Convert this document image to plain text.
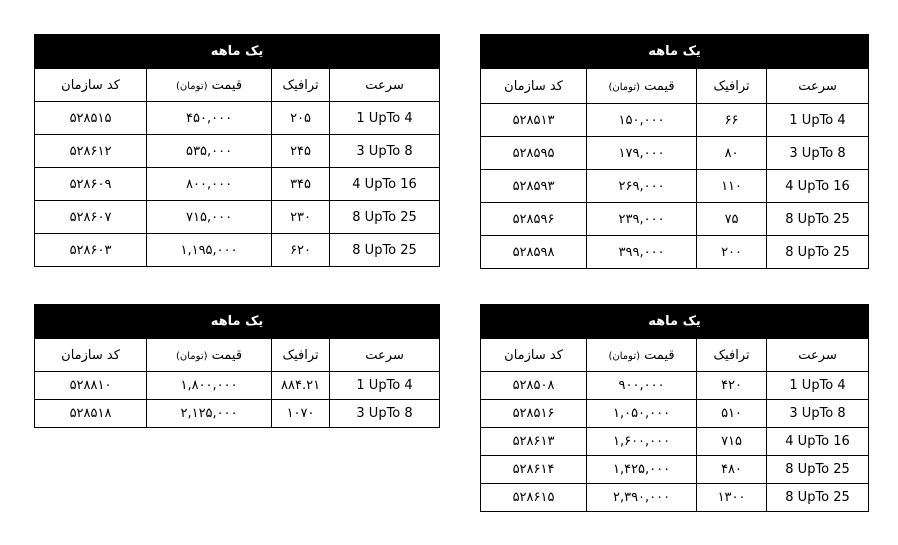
یک ماهه			
سرعت	ترافیک	قیمت (تومان)	کد سازمان
1 UpTo 4	۲۰۵	۴۵۰,۰۰۰	۵۲۸۵۱۵
3 UpTo 8	۲۴۵	۵۳۵,۰۰۰	۵۲۸۶۱۲
4 UpTo 16	۳۴۵	۸۰۰,۰۰۰	۵۲۸۶۰۹
8 UpTo 25	۲۳۰	۷۱۵,۰۰۰	۵۲۸۶۰۷
8 UpTo 25	۶۲۰	۱,۱۹۵,۰۰۰	۵۲۸۶۰۳
یک ماهه			
سرعت	ترافیک	قیمت (تومان)	کد سازمان
1 UpTo 4	۶۶	۱۵۰,۰۰۰	۵۲۸۵۱۳
3 UpTo 8	۸۰	۱۷۹,۰۰۰	۵۲۸۵۹۵
4 UpTo 16	۱۱۰	۲۶۹,۰۰۰	۵۲۸۵۹۳
8 UpTo 25	۷۵	۲۳۹,۰۰۰	۵۲۸۵۹۶
8 UpTo 25	۲۰۰	۳۹۹,۰۰۰	۵۲۸۵۹۸
یک ماهه			
سرعت	ترافیک	قیمت (تومان)	کد سازمان
1 UpTo 4	۸۸۴.۲۱	۱,۸۰۰,۰۰۰	۵۲۸۸۱۰
3 UpTo 8	۱۰۷۰	۲,۱۲۵,۰۰۰	۵۲۸۵۱۸
یک ماهه			
سرعت	ترافیک	قیمت (تومان)	کد سازمان
1 UpTo 4	۴۲۰	۹۰۰,۰۰۰	۵۲۸۵۰۸
3 UpTo 8	۵۱۰	۱,۰۵۰,۰۰۰	۵۲۸۵۱۶
4 UpTo 16	۷۱۵	۱,۶۰۰,۰۰۰	۵۲۸۶۱۳
8 UpTo 25	۴۸۰	۱,۴۲۵,۰۰۰	۵۲۸۶۱۴
8 UpTo 25	۱۳۰۰	۲,۳۹۰,۰۰۰	۵۲۸۶۱۵
